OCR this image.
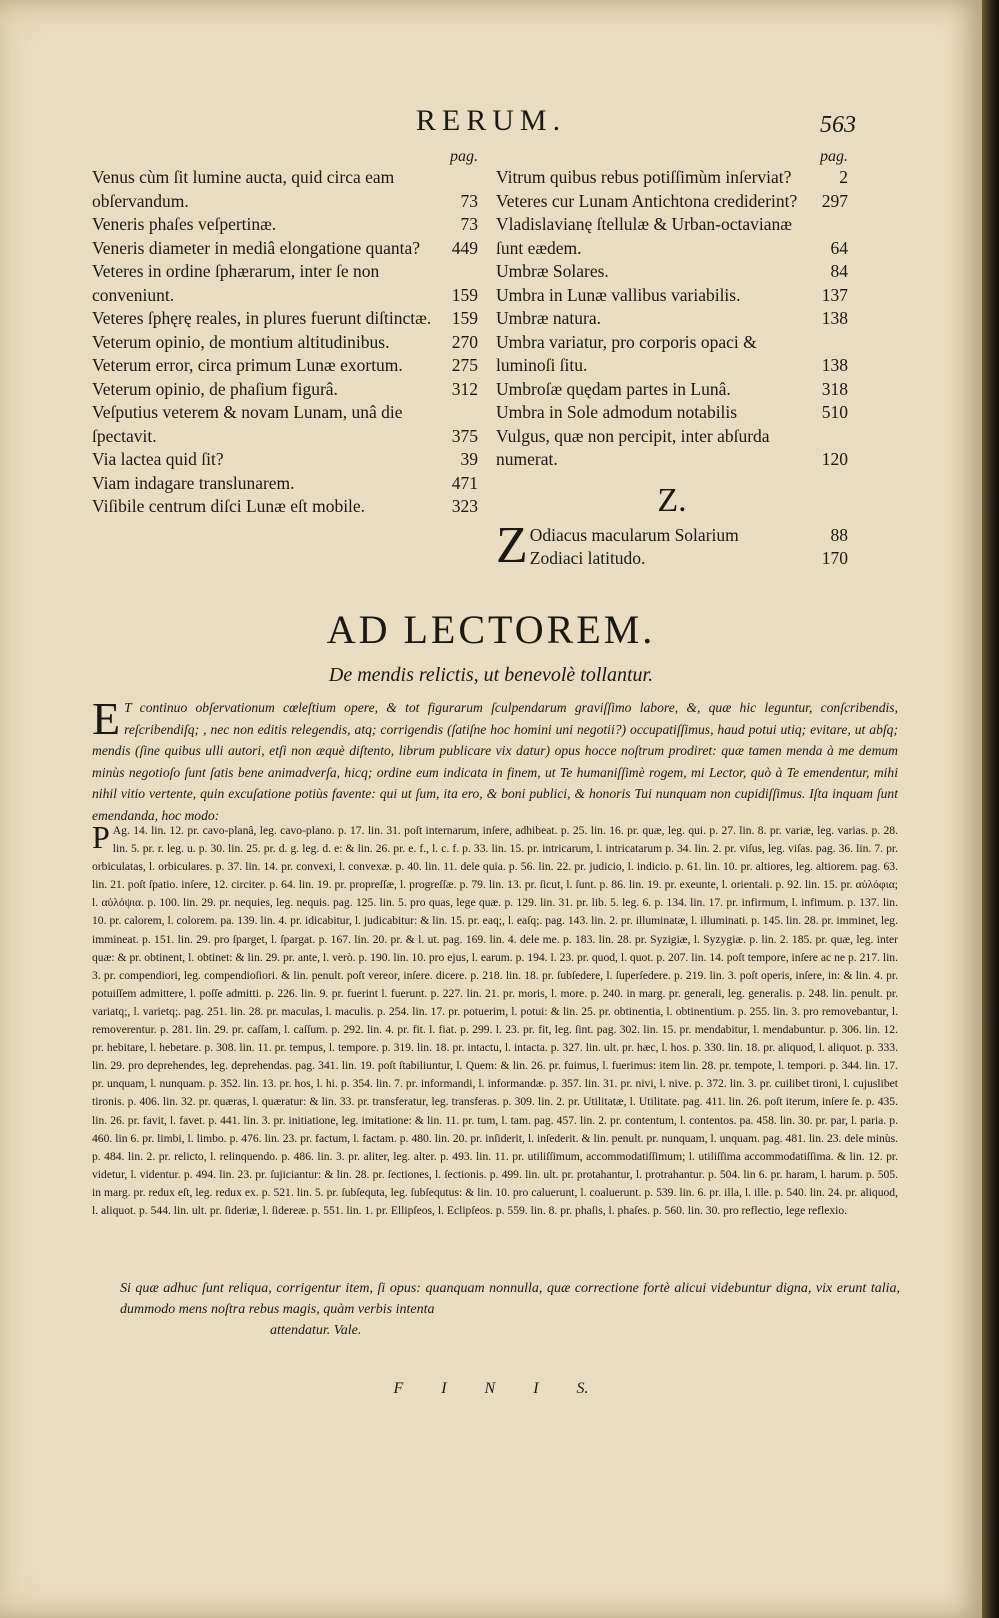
RERUM.	563
pag.
Venus cùm ſit lumine aucta, quid circa eam obſervandum.	73
Veneris phaſes veſpertinæ.	73
Veneris diameter in mediâ elongatione quanta?	449
Veteres in ordine ſphærarum, inter ſe non conveniunt.	159
Veteres ſphęrę reales, in plures fuerunt diſtinctæ.	159
Veterum opinio, de montium altitudinibus.	270
Veterum error, circa primum Lunæ exortum.	275
Veterum opinio, de phaſium figurâ.	312
Veſputius veterem & novam Lunam, unâ die ſpectavit.	375
Via lactea quid ſit?	39
Viam indagare translunarem.	471
Viſibile centrum diſci Lunæ eſt mobile.	323
pag.
Vitrum quibus rebus potiſſimùm inſerviat?	2
Veteres cur Lunam Antichtona crediderint?	297
Vladislavianę ſtellulæ & Urban-octavianæ ſunt eædem.	64
Umbræ Solares.	84
Umbra in Lunæ vallibus variabilis.	137
Umbræ natura.	138
Umbra variatur, pro corporis opaci & luminoſi ſitu.	138
Umbroſæ quędam partes in Lunâ.	318
Umbra in Sole admodum notabilis	510
Vulgus, quæ non percipit, inter abſurda numerat.	120
Z.
Z Odiacus macularum Solarium	88
Zodiaci latitudo.	170
AD LECTOREM.
De mendis relictis, ut benevolè tollantur.
E T continuo obſervationum cœleſtium opere, & tot figurarum ſculpendarum graviſſimo labore, &, quæ hic leguntur, conſcribendis, reſcribendiſq; , nec non editis relegendis, atq; corrigendis (ſatiſne hoc homini uni negotii?) occupatiſſimus, haud potui utiq; evitare, ut abſq; mendis (ſine quibus ulli autori, etſi non æquè diſtento, librum publicare vix datur) opus hocce noſtrum prodiret: quæ tamen menda à me demum minùs negotioſo ſunt ſatis bene animadverſa, hicq; ordine eum indicata in finem, ut Te humaniſſimè rogem, mi Lector, quò à Te emendentur, mihi nihil vitio vertente, quin excuſatione potiùs favente: qui ut ſum, ita ero, & boni publici, & honoris Tui nunquam non cupidiſſimus. Iſta inquam ſunt emendanda, hoc modo:
P Ag. 14. lin. 12. pr. cavo-planâ, leg. cavo-plano. p. 17. lin. 31. poſt internarum, inſere, adhibeat. p. 25. lin. 16. pr. quæ, leg. qui. p. 27. lin. 8. pr. variæ, leg. varias. p. 28. lin. 5. pr. r. leg. u. p. 30. lin. 25. pr. d. g. leg. d. e: & lin. 26. pr. e. f., l. c. f. p. 33. lin. 15. pr. intricarum, l. intricatarum p. 34. lin. 2. pr. viſus, leg. viſas. pag. 36. lin. 7. pr. orbiculatas, l. orbiculares. p. 37. lin. 14. pr. convexi, l. convexæ. p. 40. lin. 11. dele quia. p. 56. lin. 22. pr. judicio, l. indicio. p. 61. lin. 10. pr. altiores, leg. altiorem. pag. 63. lin. 21. poſt ſpatio. inſere, 12. circiter. p. 64. lin. 19. pr. propreſſæ, l. progreſſæ. p. 79. lin. 13. pr. ſicut, l. ſunt. p. 86. lin. 19. pr. exeunte, l. orientali. p. 92. lin. 15. pr. αὐλόφια; l. αὐλόψια. p. 100. lin. 29. pr. nequies, leg. nequis. pag. 125. lin. 5. pro quas, lege quæ. p. 129. lin. 31. pr. lib. 5. leg. 6. p. 134. lin. 17. pr. infirmum, l. infimum. p. 137. lin. 10. pr. calorem, l. colorem. pa. 139. lin. 4. pr. idicabitur, l. judicabitur: & lin. 15. pr. eaq;, l. eaſq;. pag. 143. lin. 2. pr. illuminatæ, l. illuminati. p. 145. lin. 28. pr. imminet, leg. immineat. p. 151. lin. 29. pro ſparget, l. ſpargat. p. 167. lin. 20. pr. & l. ut. pag. 169. lin. 4. dele me. p. 183. lin. 28. pr. Syzigiæ, l. Syzygiæ. p. lin. 2. 185. pr. quæ, leg. inter quæ: & pr. obtinent, l. obtinet: & lin. 29. pr. ante, l. verò. p. 190. lin. 10. pro ejus, l. earum. p. 194. l. 23. pr. quod, l. quot. p. 207. lin. 14. poſt tempore, inſere ac ne p. 217. lin. 3. pr. compendiori, leg. compendioſiori. & lin. penult. poſt vereor, inſere. dicere. p. 218. lin. 18. pr. ſubſedere, l. ſuperſedere. p. 219. lin. 3. poſt operis, inſere, in: & lin. 4. pr. potuiſſem admittere, l. poſſe admitti. p. 226. lin. 9. pr. fuerint l. fuerunt. p. 227. lin. 21. pr. moris, l. more. p. 240. in marg. pr. generali, leg. generalis. p. 248. lin. penult. pr. variatq;, l. varietq;. pag. 251. lin. 28. pr. maculas, l. maculis. p. 254. lin. 17. pr. potuerim, l. potui: & lin. 25. pr. obtinentia, l. obtinentium. p. 255. lin. 3. pro removebantur, l. removerentur. p. 281. lin. 29. pr. caſſam, l. caſſum. p. 292. lin. 4. pr. fit. l. fiat. p. 299. l. 23. pr. fit, leg. ſint. pag. 302. lin. 15. pr. mendabitur, l. mendabuntur. p. 306. lin. 12. pr. hebitare, l. hebetare. p. 308. lin. 11. pr. tempus, l. tempore. p. 319. lin. 18. pr. intactu, l. intacta. p. 327. lin. ult. pr. hæc, l. hos. p. 330. lin. 18. pr. aliquod, l. aliquot. p. 333. lin. 29. pro deprehendes, leg. deprehendas. pag. 341. lin. 19. poſt ſtabiliuntur, l. Quem: & lin. 26. pr. fuimus, l. fuerimus: item lin. 28. pr. tempote, l. tempori. p. 344. lin. 17. pr. unquam, l. nunquam. p. 352. lin. 13. pr. hos, l. hi. p. 354. lin. 7. pr. informandi, l. informandæ. p. 357. lin. 31. pr. nivi, l. nive. p. 372. lin. 3. pr. cuilibet tironi, l. cujuslibet tironis. p. 406. lin. 32. pr. quæras, l. quæratur: & lin. 33. pr. transferatur, leg. transferas. p. 309. lin. 2. pr. Utilitatæ, l. Utilitate. pag. 411. lin. 26. poſt iterum, inſere ſe. p. 435. lin. 26. pr. favit, l. favet. p. 441. lin. 3. pr. initiatione, leg. imitatione: & lin. 11. pr. tum, l. tam. pag. 457. lin. 2. pr. contentum, l. contentos. pa. 458. lin. 30. pr. par, l. paria. p. 460. lin 6. pr. limbi, l. limbo. p. 476. lin. 23. pr. factum, l. factam. p. 480. lin. 20. pr. inſiderit, l. inſederit. & lin. penult. pr. nunquam, l. unquam. pag. 481. lin. 23. dele minùs. p. 484. lin. 2. pr. relicto, l. relinquendo. p. 486. lin. 3. pr. aliter, leg. alter. p. 493. lin. 11. pr. utiliſſimum, accommodatiſſimum; l. utiliſſima accommodatiſſima. & lin. 12. pr. videtur, l. videntur. p. 494. lin. 23. pr. ſujiciantur: & lin. 28. pr. ſectiones, l. ſectionis. p. 499. lin. ult. pr. protahantur, l. protrahantur. p. 504. lin 6. pr. haram, l. harum. p. 505. in marg. pr. redux eſt, leg. redux ex. p. 521. lin. 5. pr. ſubſequta, leg. ſubſequtus: & lin. 10. pro caluerunt, l. coaluerunt. p. 539. lin. 6. pr. illa, l. ille. p. 540. lin. 24. pr. aliquod, l. aliquot. p. 544. lin. ult. pr. ſideriæ, l. ſidereæ. p. 551. lin. 1. pr. Ellipſeos, l. Eclipſeos. p. 559. lin. 8. pr. phaſis, l. phaſes. p. 560. lin. 30. pro reflectio, lege reflexio.
Si quæ adhuc ſunt reliqua, corrigentur item, ſi opus: quanquam nonnulla, quæ correctione fortè alicui videbuntur digna, vix erunt talia, dummodo mens noſtra rebus magis, quàm verbis intenta
attendatur. Vale.
F I N I S.
